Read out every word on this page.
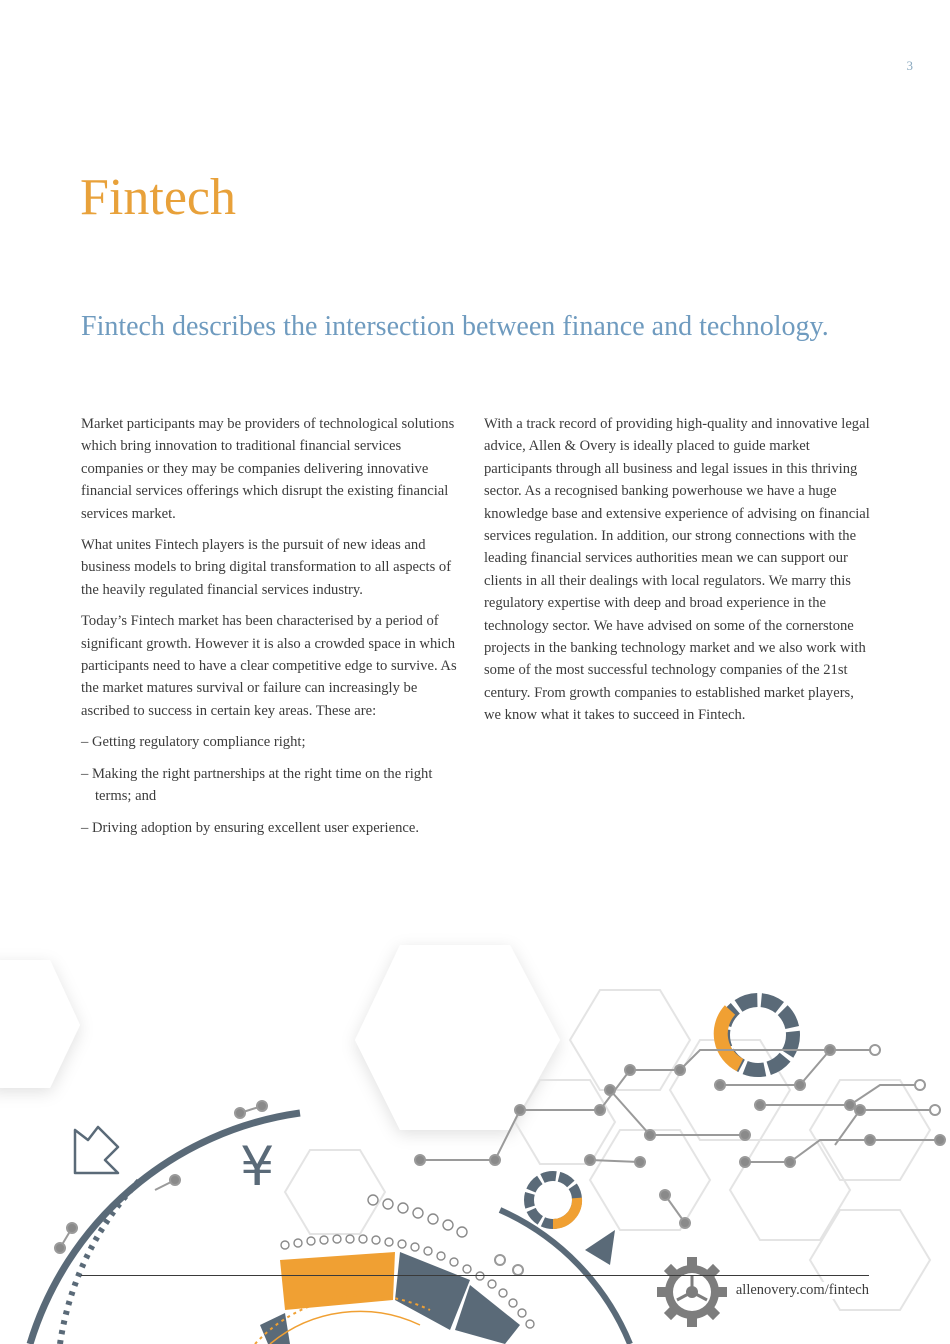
3
Fintech
Fintech describes the intersection between finance and technology.

Market participants may be providers of technological solutions which bring innovation to traditional financial services companies or they may be companies delivering innovative financial services offerings which disrupt the existing financial services market.

What unites Fintech players is the pursuit of new ideas and business models to bring digital transformation to all aspects of the heavily regulated financial services industry.

Today’s Fintech market has been characterised by a period of significant growth. However it is also a crowded space in which participants need to have a clear competitive edge to survive. As the market matures survival or failure can increasingly be ascribed to success in certain key areas. These are:

– Getting regulatory compliance right;
– Making the right partnerships at the right time on the right terms; and
– Driving adoption by ensuring excellent user experience.

With a track record of providing high-quality and innovative legal advice, Allen & Overy is ideally placed to guide market participants through all business and legal issues in this thriving sector. As a recognised banking powerhouse we have a huge knowledge base and extensive experience of advising on financial services regulation. In addition, our strong connections with the leading financial services authorities mean we can support our clients in all their dealings with local regulators. We marry this regulatory expertise with deep and broad experience in the technology sector. We have advised on some of the cornerstone projects in the banking technology market and we also work with some of the most successful technology companies of the 21st century. From growth companies to established market players, we know what it takes to succeed in Fintech.

¥
allenovery.com/fintech
